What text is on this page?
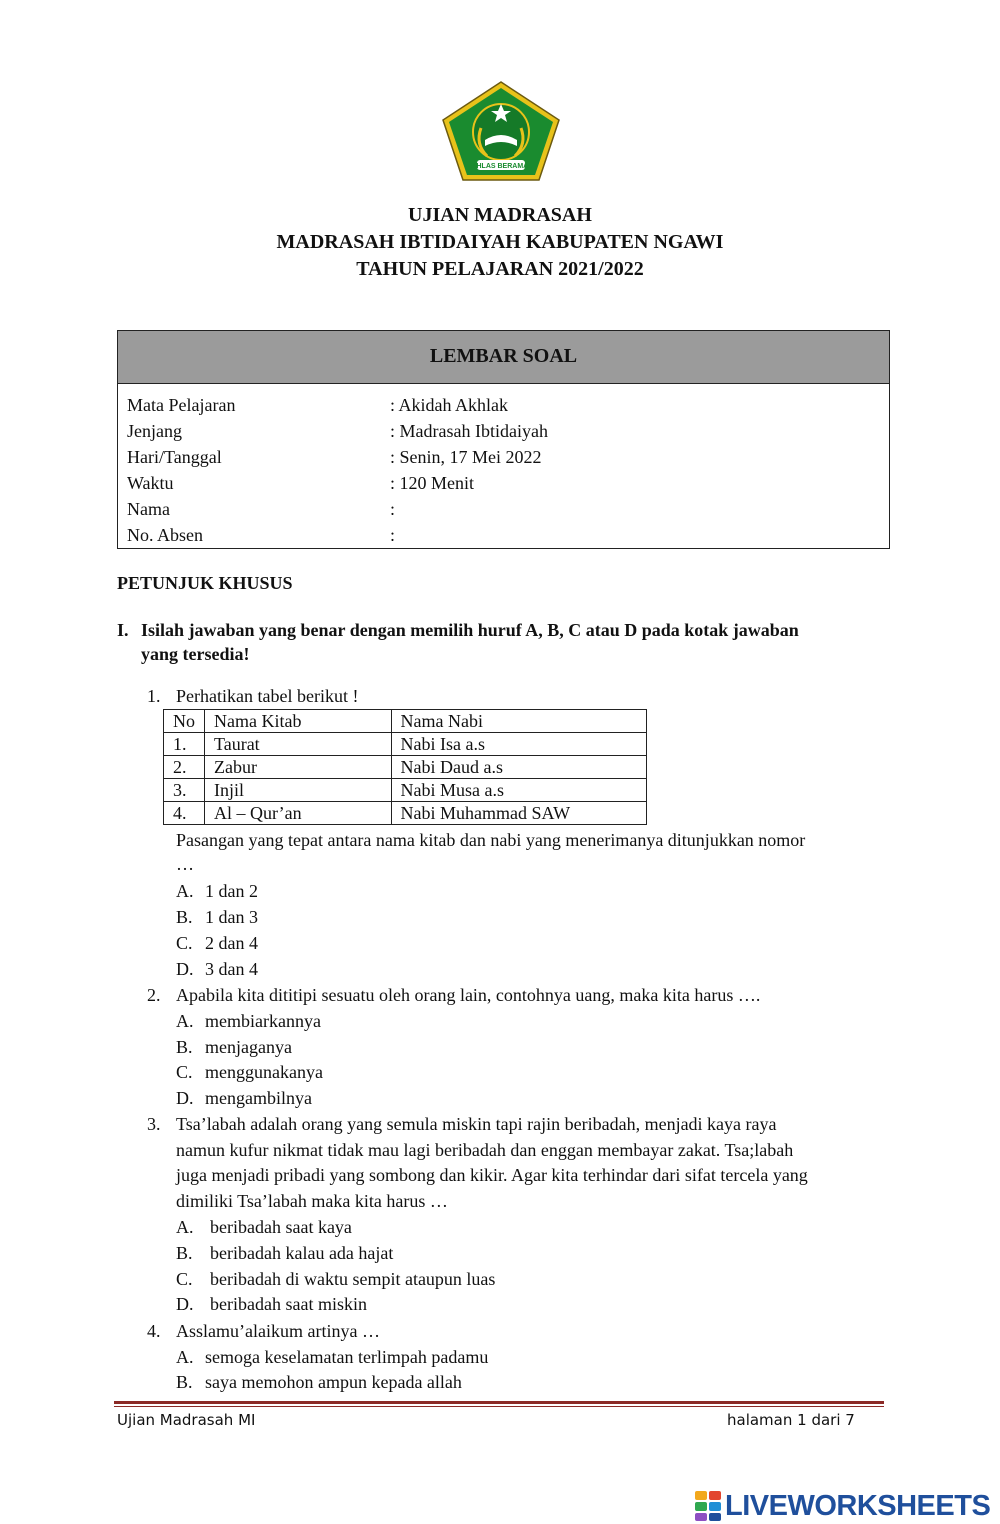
IKHLAS BERAMAL
UJIAN MADRASAH
MADRASAH IBTIDAIYAH KABUPATEN NGAWI
TAHUN PELAJARAN 2021/2022
LEMBAR SOAL
Mata Pelajaran	: Akidah Akhlak
Jenjang	: Madrasah Ibtidaiyah
Hari/Tanggal	: Senin, 17 Mei 2022
Waktu	: 120 Menit
Nama	:
No. Absen	:
PETUNJUK KHUSUS
I. Isilah jawaban yang benar dengan memilih huruf A, B, C atau D pada kotak jawaban
yang tersedia!
1. Perhatikan tabel berikut !
No	Nama Kitab	Nama Nabi
1.	Taurat	Nabi Isa a.s
2.	Zabur	Nabi Daud a.s
3.	Injil	Nabi Musa a.s
4.	Al – Qur’an	Nabi Muhammad SAW
Pasangan yang tepat antara nama kitab dan nabi yang menerimanya ditunjukkan nomor
…
A. 1 dan 2
B. 1 dan 3
C. 2 dan 4
D. 3 dan 4
2. Apabila kita dititipi sesuatu oleh orang lain, contohnya uang, maka kita harus ….
A. membiarkannya
B. menjaganya
C. menggunakanya
D. mengambilnya
3. Tsa’labah adalah orang yang semula miskin tapi rajin beribadah, menjadi kaya raya
namun kufur nikmat tidak mau lagi beribadah dan enggan membayar zakat. Tsa;labah
juga menjadi pribadi yang sombong dan kikir. Agar kita terhindar dari sifat tercela yang
dimiliki Tsa’labah maka kita harus …
A. beribadah saat kaya
B. beribadah kalau ada hajat
C. beribadah di waktu sempit ataupun luas
D. beribadah saat miskin
4. Asslamu’alaikum artinya …
A. semoga keselamatan terlimpah padamu
B. saya memohon ampun kepada allah
Ujian Madrasah MI	halaman 1 dari 7
LIVEWORKSHEETS
